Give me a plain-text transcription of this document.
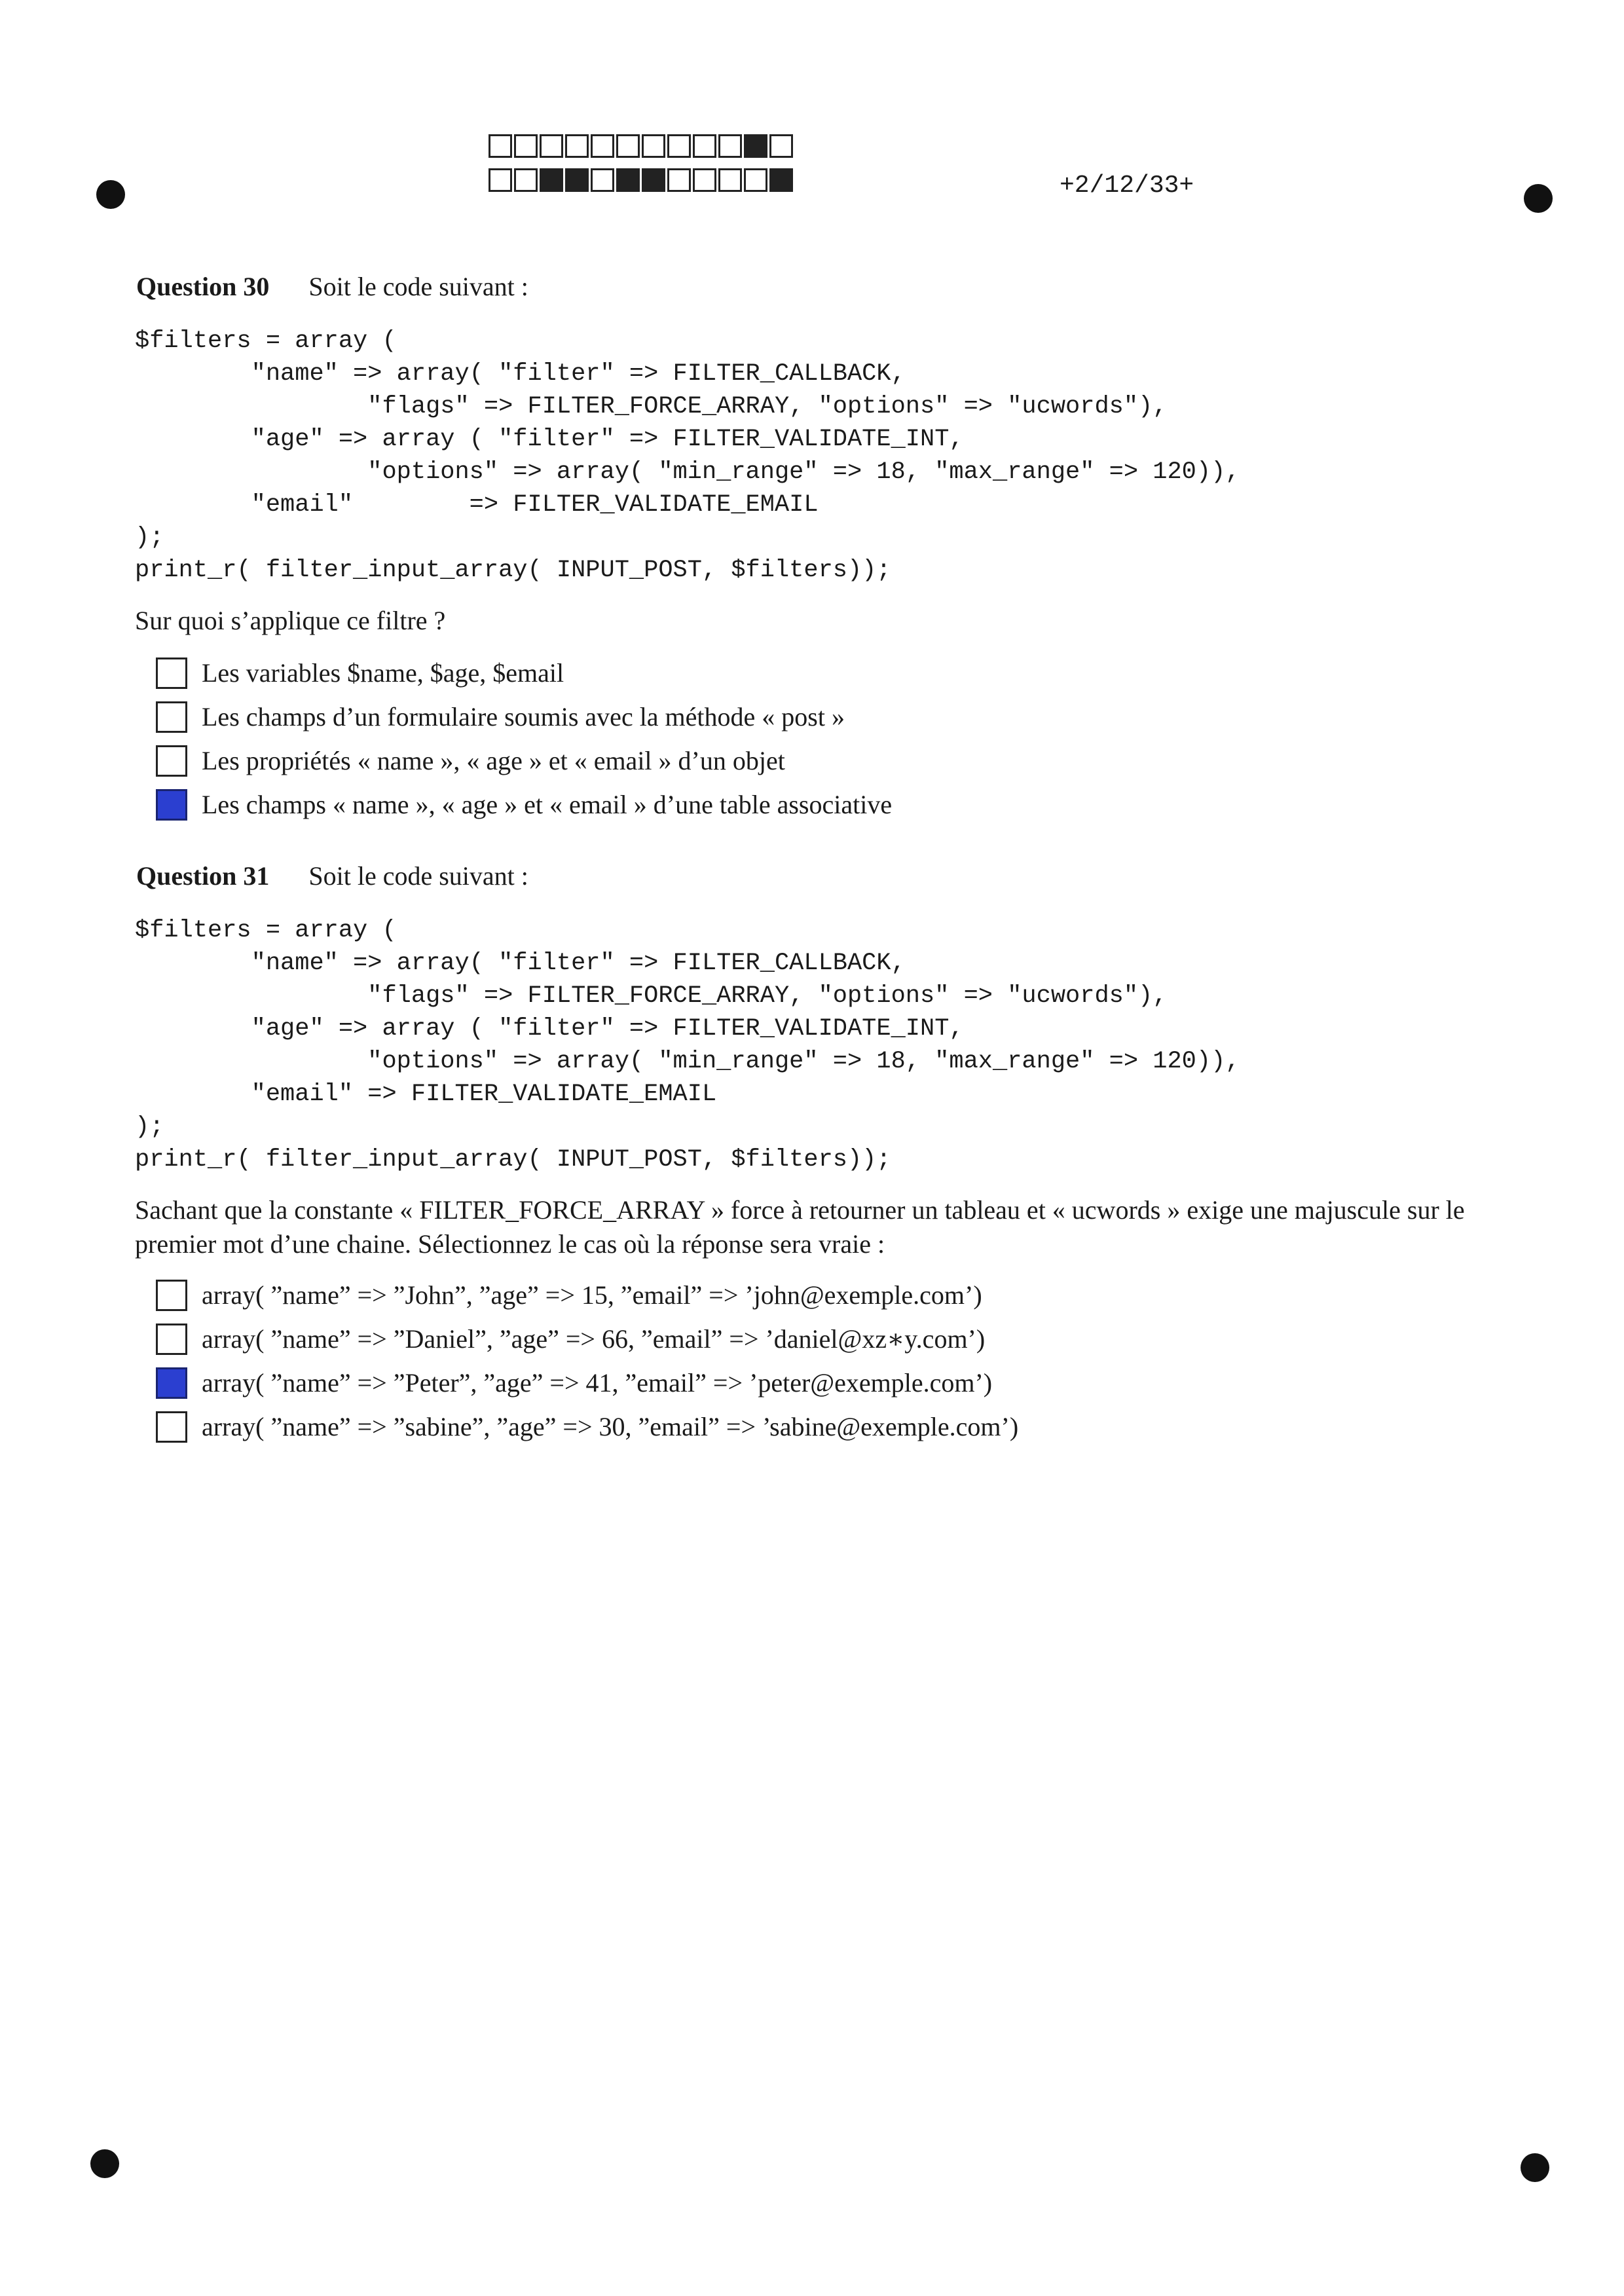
+2/12/33+
Question 30 Soit le code suivant :
$filters = array (
"name" => array( "filter" => FILTER_CALLBACK,
"flags" => FILTER_FORCE_ARRAY, "options" => "ucwords"),
"age" => array ( "filter" => FILTER_VALIDATE_INT,
"options" => array( "min_range" => 18, "max_range" => 120)),
"email"        => FILTER_VALIDATE_EMAIL
);
print_r( filter_input_array( INPUT_POST, $filters));
Sur quoi s’applique ce filtre ?
Les variables $name, $age, $email
Les champs d’un formulaire soumis avec la méthode « post »
Les propriétés « name », « age » et « email » d’un objet
Les champs « name », « age » et « email » d’une table associative
Question 31 Soit le code suivant :
$filters = array (
"name" => array( "filter" => FILTER_CALLBACK,
"flags" => FILTER_FORCE_ARRAY, "options" => "ucwords"),
"age" => array ( "filter" => FILTER_VALIDATE_INT,
"options" => array( "min_range" => 18, "max_range" => 120)),
"email" => FILTER_VALIDATE_EMAIL
);
print_r( filter_input_array( INPUT_POST, $filters));
Sachant que la constante « FILTER_FORCE_ARRAY » force à retourner un tableau et « ucwords » exige une majuscule sur le premier mot d’une chaine. Sélectionnez le cas où la réponse sera vraie :
array( ”name” => ”John”, ”age” => 15, ”email” => ’john@exemple.com’)
array( ”name” => ”Daniel”, ”age” => 66, ”email” => ’daniel@xz∗y.com’)
array( ”name” => ”Peter”, ”age” => 41, ”email” => ’peter@exemple.com’)
array( ”name” => ”sabine”, ”age” => 30, ”email” => ’sabine@exemple.com’)
